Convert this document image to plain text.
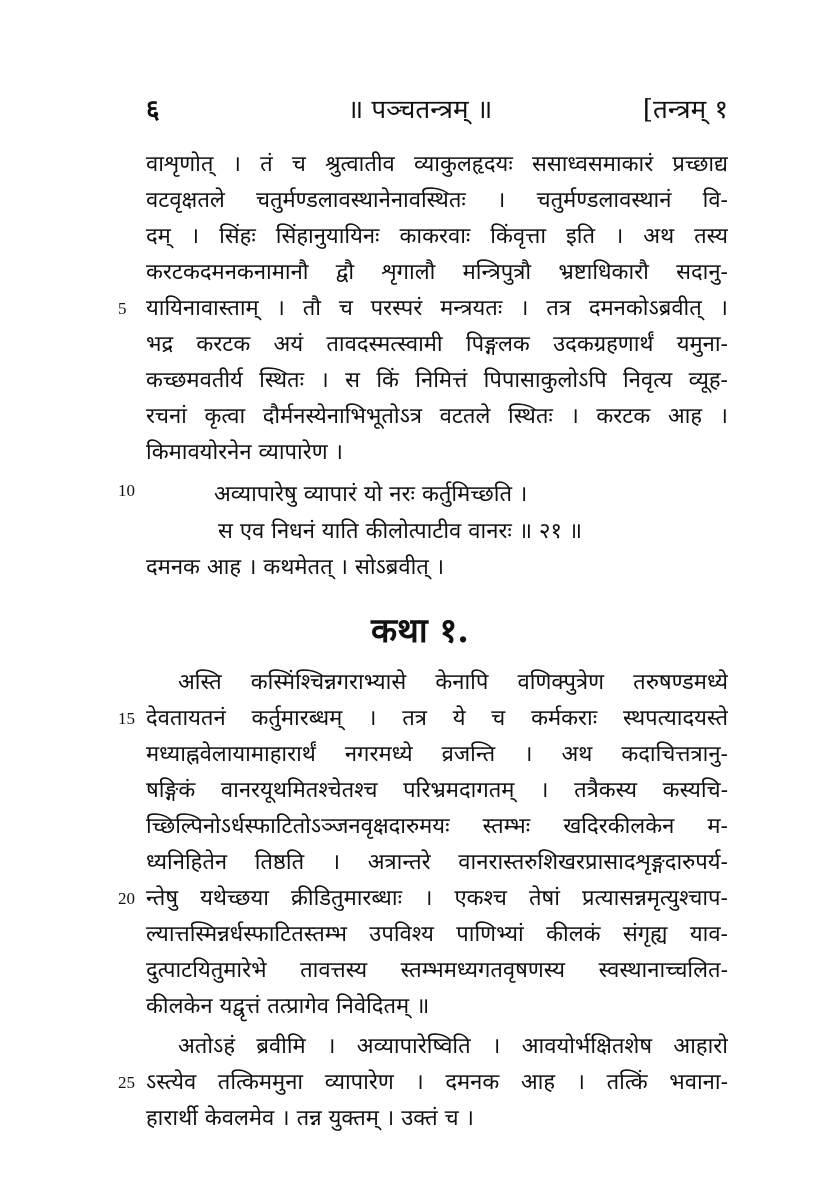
६	॥ पञ्चतन्त्रम् ॥	[तन्त्रम् १
वाशृणोत् । तं च श्रुत्वातीव व्याकुलहृदयः ससाध्वसमाकारं प्रच्छाद्य
वटवृक्षतले चतुर्मण्डलावस्थानेनावस्थितः । चतुर्मण्डलावस्थानं वि-
दम् । सिंहः सिंहानुयायिनः काकरवाः किंवृत्ता इति । अथ तस्य
करटकदमनकनामानौ द्वौ शृगालौ मन्त्रिपुत्रौ भ्रष्टाधिकारौ सदानु-
5 यायिनावास्ताम् । तौ च परस्परं मन्त्रयतः । तत्र दमनकोऽब्रवीत् ।
भद्र करटक अयं तावदस्मत्स्वामी पिङ्गलक उदकग्रहणार्थं यमुना-
कच्छमवतीर्य स्थितः । स किं निमित्तं पिपासाकुलोऽपि निवृत्य व्यूह-
रचनां कृत्वा दौर्मनस्येनाभिभूतोऽत्र वटतले स्थितः । करटक आह ।
किमावयोरनेन व्यापारेण ।
10	अव्यापारेषु व्यापारं यो नरः कर्तुमिच्छति ।
स एव निधनं याति कीलोत्पाटीव वानरः ॥ २१ ॥
दमनक आह । कथमेतत् । सोऽब्रवीत् ।
कथा १.
अस्ति कस्मिंश्चिन्नगराभ्यासे केनापि वणिक्पुत्रेण तरुषण्डमध्ये
15 देवतायतनं कर्तुमारब्धम् । तत्र ये च कर्मकराः स्थपत्यादयस्ते
मध्याह्नवेलायामाहारार्थं नगरमध्ये व्रजन्ति । अथ कदाचित्तत्रानु-
षङ्गिकं वानरयूथमितश्चेतश्च परिभ्रमदागतम् । तत्रैकस्य कस्यचि-
च्छिल्पिनोऽर्धस्फाटितोऽञ्जनवृक्षदारुमयः स्तम्भः खदिरकीलकेन म-
ध्यनिहितेन तिष्ठति । अत्रान्तरे वानरास्तरुशिखरप्रासादशृङ्गदारुपर्य-
20 न्तेषु यथेच्छया क्रीडितुमारब्धाः । एकश्च तेषां प्रत्यासन्नमृत्युश्चाप-
ल्यात्तस्मिन्नर्धस्फाटितस्तम्भ उपविश्य पाणिभ्यां कीलकं संगृह्य याव-
दुत्पाटयितुमारेभे तावत्तस्य स्तम्भमध्यगतवृषणस्य स्वस्थानाच्चलित-
कीलकेन यद्वृत्तं तत्प्रागेव निवेदितम् ॥
अतोऽहं ब्रवीमि । अव्यापारेष्विति । आवयोर्भक्षितशेष आहारो
25 ऽस्त्येव तत्किममुना व्यापारेण । दमनक आह । तत्किं भवाना-
हारार्थी केवलमेव । तन्न युक्तम् । उक्तं च ।
